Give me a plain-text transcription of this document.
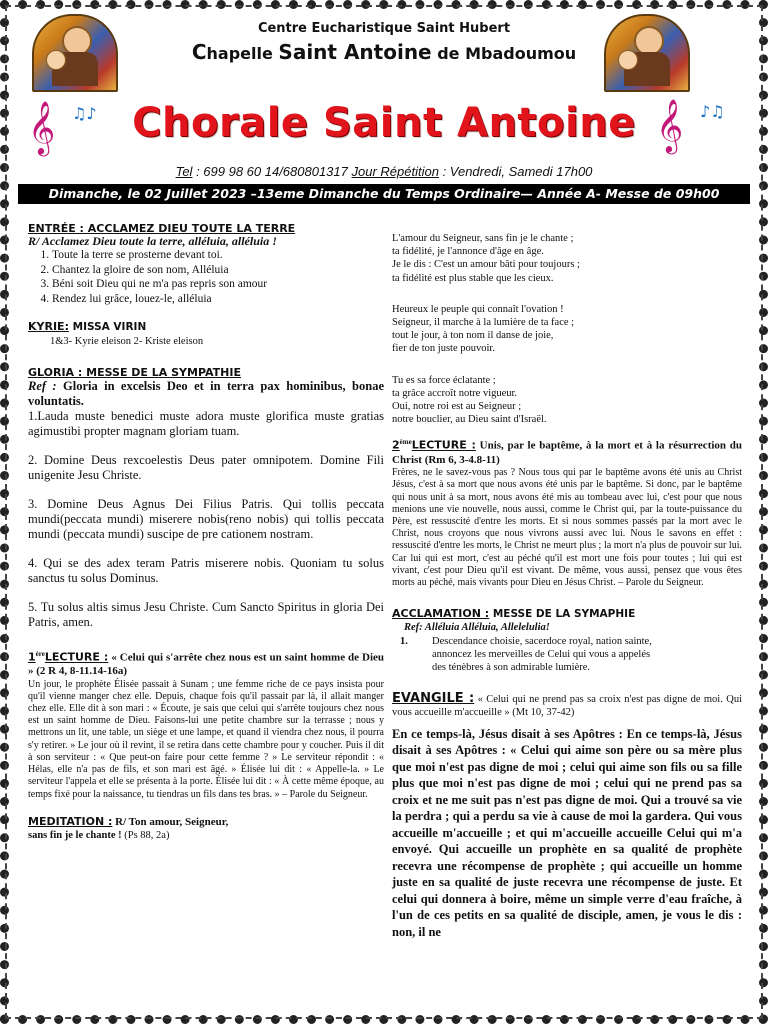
Centre Eucharistique Saint Hubert
Chapelle Saint Antoine de Mbadoumou
𝄞 ♫♪	𝄞 ♪♫
Chorale Saint Antoine
Tel : 699 98 60 14/680801317 Jour Répétition : Vendredi, Samedi 17h00
Dimanche, le 02 Juillet 2023 –13eme Dimanche du Temps Ordinaire— Année A- Messe de 09h00
ENTRÉE : ACCLAMEZ DIEU TOUTE LA TERRE
R/ Acclamez Dieu toute la terre, alléluia, alléluia !
1. Toute la terre se prosterne devant toi.
2. Chantez la gloire de son nom, Alléluia
3. Béni soit Dieu qui ne m'a pas repris son amour
4. Rendez lui grâce, louez-le, alléluia
KYRIE: MISSA VIRIN
1&3- Kyrie eleison 2- Kriste eleison
GLORIA : MESSE DE LA SYMPATHIE
Ref : Gloria in excelsis Deo et in terra pax hominibus, bonae voluntatis.
1.Lauda muste benedici muste adora muste glorifica muste gratias agimustibi propter magnam gloriam tuam.
2. Domine Deus rexcoelestis Deus pater omnipotem. Domine Fili unigenite Jesu Christe.
3. Domine Deus Agnus Dei Filius Patris. Qui tollis peccata mundi(peccata mundi) miserere nobis(reno nobis) qui tollis peccata mundi (peccata mundi) suscipe de pre cationem nostram.
4. Qui se des adex teram Patris miserere nobis. Quoniam tu solus sanctus tu solus Dominus.
5. Tu solus altis simus Jesu Christe. Cum Sancto Spiritus in gloria Dei Patris, amen.
1èreLECTURE : « Celui qui s'arrête chez nous est un saint homme de Dieu » (2 R 4, 8-11.14-16a)
Un jour, le prophète Élisée passait à Sunam ; une femme riche de ce pays insista pour qu'il vienne manger chez elle. Depuis, chaque fois qu'il passait par là, il allait manger chez elle. Elle dit à son mari : « Écoute, je sais que celui qui s'arrête toujours chez nous est un saint homme de Dieu. Faisons-lui une petite chambre sur la terrasse ; nous y mettrons un lit, une table, un siège et une lampe, et quand il viendra chez nous, il pourra s'y retirer. » Le jour où il revint, il se retira dans cette chambre pour y coucher. Puis il dit à son serviteur : « Que peut-on faire pour cette femme ? » Le serviteur répondit : « Hélas, elle n'a pas de fils, et son mari est âgé. » Élisée lui dit : « Appelle-la. » Le serviteur l'appela et elle se présenta à la porte. Élisée lui dit : « À cette même époque, au temps fixé pour la naissance, tu tiendras un fils dans tes bras. » – Parole du Seigneur.
MEDITATION : R/ Ton amour, Seigneur,
sans fin je le chante ! (Ps 88, 2a)
L'amour du Seigneur, sans fin je le chante ;
ta fidélité, je l'annonce d'âge en âge.
Je le dis : C'est un amour bâti pour toujours ;
ta fidélité est plus stable que les cieux.
Heureux le peuple qui connaît l'ovation !
Seigneur, il marche à la lumière de ta face ;
tout le jour, à ton nom il danse de joie,
fier de ton juste pouvoir.
Tu es sa force éclatante ;
ta grâce accroît notre vigueur.
Oui, notre roi est au Seigneur ;
notre bouclier, au Dieu saint d'Israël.
2èmeLECTURE : Unis, par le baptême, à la mort et à la résurrection du Christ (Rm 6, 3-4.8-11)
Frères, ne le savez-vous pas ? Nous tous qui par le baptême avons été unis au Christ Jésus, c'est à sa mort que nous avons été unis par le baptême. Si donc, par le baptême qui nous unit à sa mort, nous avons été mis au tombeau avec lui, c'est pour que nous menions une vie nouvelle, nous aussi, comme le Christ qui, par la toute-puissance du Père, est ressuscité d'entre les morts. Et si nous sommes passés par la mort avec le Christ, nous croyons que nous vivrons aussi avec lui. Nous le savons en effet : ressuscité d'entre les morts, le Christ ne meurt plus ; la mort n'a plus de pouvoir sur lui. Car lui qui est mort, c'est au péché qu'il est mort une fois pour toutes ; lui qui est vivant, c'est pour Dieu qu'il est vivant. De même, vous aussi, pensez que vous êtes morts au péché, mais vivants pour Dieu en Jésus Christ. – Parole du Seigneur.
ACCLAMATION : MESSE DE LA SYMAPHIE
Ref: Alléluia Alléluia, Allelelulia!
1.	Descendance choisie, sacerdoce royal, nation sainte,
annoncez les merveilles de Celui qui vous a appelés
des ténèbres à son admirable lumière.
EVANGILE : « Celui qui ne prend pas sa croix n'est pas digne de moi. Qui vous accueille m'accueille » (Mt 10, 37-42)
En ce temps-là, Jésus disait à ses Apôtres : En ce temps-là, Jésus disait à ses Apôtres : « Celui qui aime son père ou sa mère plus que moi n'est pas digne de moi ; celui qui aime son fils ou sa fille plus que moi n'est pas digne de moi ; celui qui ne prend pas sa croix et ne me suit pas n'est pas digne de moi. Qui a trouvé sa vie la perdra ; qui a perdu sa vie à cause de moi la gardera. Qui vous accueille m'accueille ; et qui m'accueille accueille Celui qui m'a envoyé. Qui accueille un prophète en sa qualité de prophète recevra une récompense de prophète ; qui accueille un homme juste en sa qualité de juste recevra une récompense de juste. Et celui qui donnera à boire, même un simple verre d'eau fraîche, à l'un de ces petits en sa qualité de disciple, amen, je vous le dis : non, il ne
